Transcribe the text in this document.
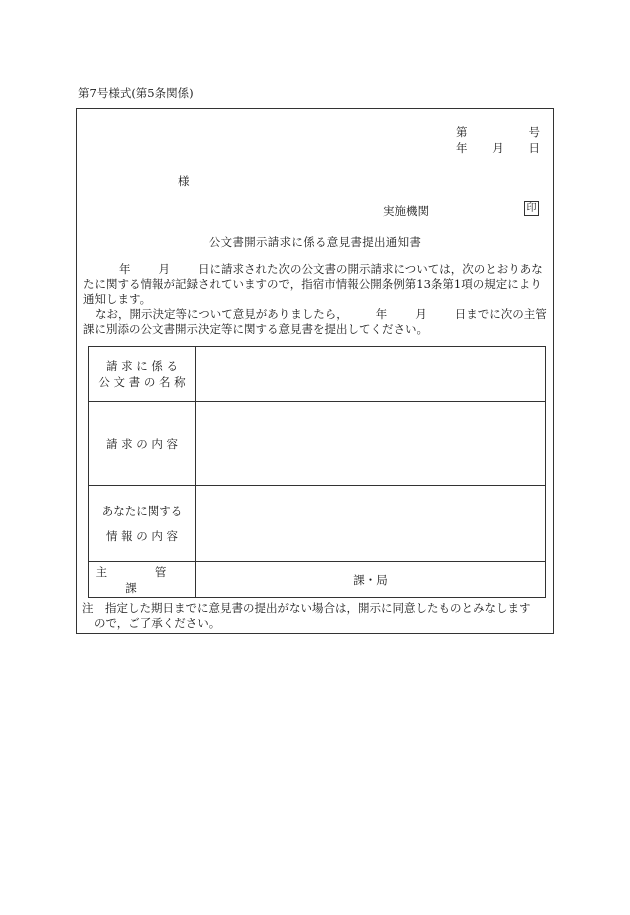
第7号様式(第5条関係)
第	号
年 月 日
様
実施機関	印
公文書開示請求に係る意見書提出通知書

年 月 日に請求された次の公文書の開示請求については，次のとおりあなたに関する情報が記録されていますので，指宿市情報公開条例第13条第1項の規定により通知します。

なお，開示決定等について意見がありましたら， 年 月 日までに次の主管課に別添の公文書開示決定等に関する意見書を提出してください。

請 求 に 係 る
公 文 書 の 名 称	

請 求 の 内 容	

あなたに関する
情 報 の 内 容	

主 管 課	課・局
注　指定した期日までに意見書の提出がない場合は，開示に同意したものとみなします
ので，ご了承ください。
